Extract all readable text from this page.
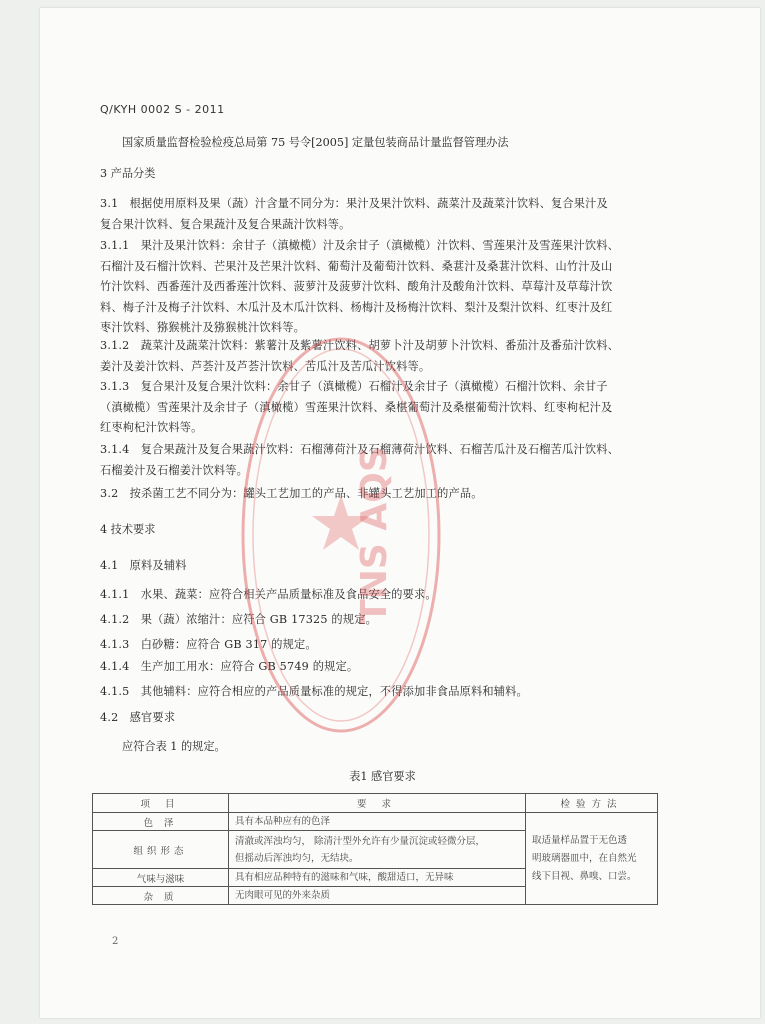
Q/KYH 0002 S - 2011
国家质量监督检验检疫总局第 75 号令[2005] 定量包装商品计量监督管理办法
3 产品分类
3.1   根据使用原料及果（蔬）汁含量不同分为：果汁及果汁饮料、蔬菜汁及蔬菜汁饮料、复合果汁及
复合果汁饮料、复合果蔬汁及复合果蔬汁饮料等。
3.1.1   果汁及果汁饮料：余甘子（滇橄榄）汁及余甘子（滇橄榄）汁饮料、雪莲果汁及雪莲果汁饮料、
石榴汁及石榴汁饮料、芒果汁及芒果汁饮料、葡萄汁及葡萄汁饮料、桑葚汁及桑葚汁饮料、山竹汁及山
竹汁饮料、西番莲汁及西番莲汁饮料、菠萝汁及菠萝汁饮料、酸角汁及酸角汁饮料、草莓汁及草莓汁饮
料、梅子汁及梅子汁饮料、木瓜汁及木瓜汁饮料、杨梅汁及杨梅汁饮料、梨汁及梨汁饮料、红枣汁及红
枣汁饮料、猕猴桃汁及猕猴桃汁饮料等。
3.1.2   蔬菜汁及蔬菜汁饮料：紫薯汁及紫薯汁饮料、胡萝卜汁及胡萝卜汁饮料、番茄汁及番茄汁饮料、
姜汁及姜汁饮料、芦荟汁及芦荟汁饮料、苦瓜汁及苦瓜汁饮料等。
3.1.3   复合果汁及复合果汁饮料：余甘子（滇橄榄）石榴汁及余甘子（滇橄榄）石榴汁饮料、余甘子
（滇橄榄）雪莲果汁及余甘子（滇橄榄）雪莲果汁饮料、桑椹葡萄汁及桑椹葡萄汁饮料、红枣枸杞汁及
红枣枸杞汁饮料等。
3.1.4   复合果蔬汁及复合果蔬汁饮料：石榴薄荷汁及石榴薄荷汁饮料、石榴苦瓜汁及石榴苦瓜汁饮料、
石榴姜汁及石榴姜汁饮料等。
3.2   按杀菌工艺不同分为：罐头工艺加工的产品、非罐头工艺加工的产品。
4 技术要求
4.1   原料及辅料
4.1.1   水果、蔬菜：应符合相关产品质量标准及食品安全的要求。
4.1.2   果（蔬）浓缩汁：应符合 GB 17325 的规定。
4.1.3   白砂糖：应符合 GB 317 的规定。
4.1.4   生产加工用水：应符合 GB 5749 的规定。
4.1.5   其他辅料：应符合相应的产品质量标准的规定，不得添加非食品原料和辅料。
4.2   感官要求
应符合表 1 的规定。
表1 感官要求
项 目	要 求	检验方法
色 泽	具有本品种应有的色泽	取适量样品置于无色透
明玻璃器皿中，在自然光
线下目视、鼻嗅、口尝。
组织形态	清澈或浑浊均匀， 除清汁型外允许有少量沉淀或轻微分层，
但摇动后浑浊均匀，无结块。	
气味与滋味	具有相应品种特有的滋味和气味，酸甜适口，无异味	
杂 质	无肉眼可见的外来杂质	
2
TNS AQS
